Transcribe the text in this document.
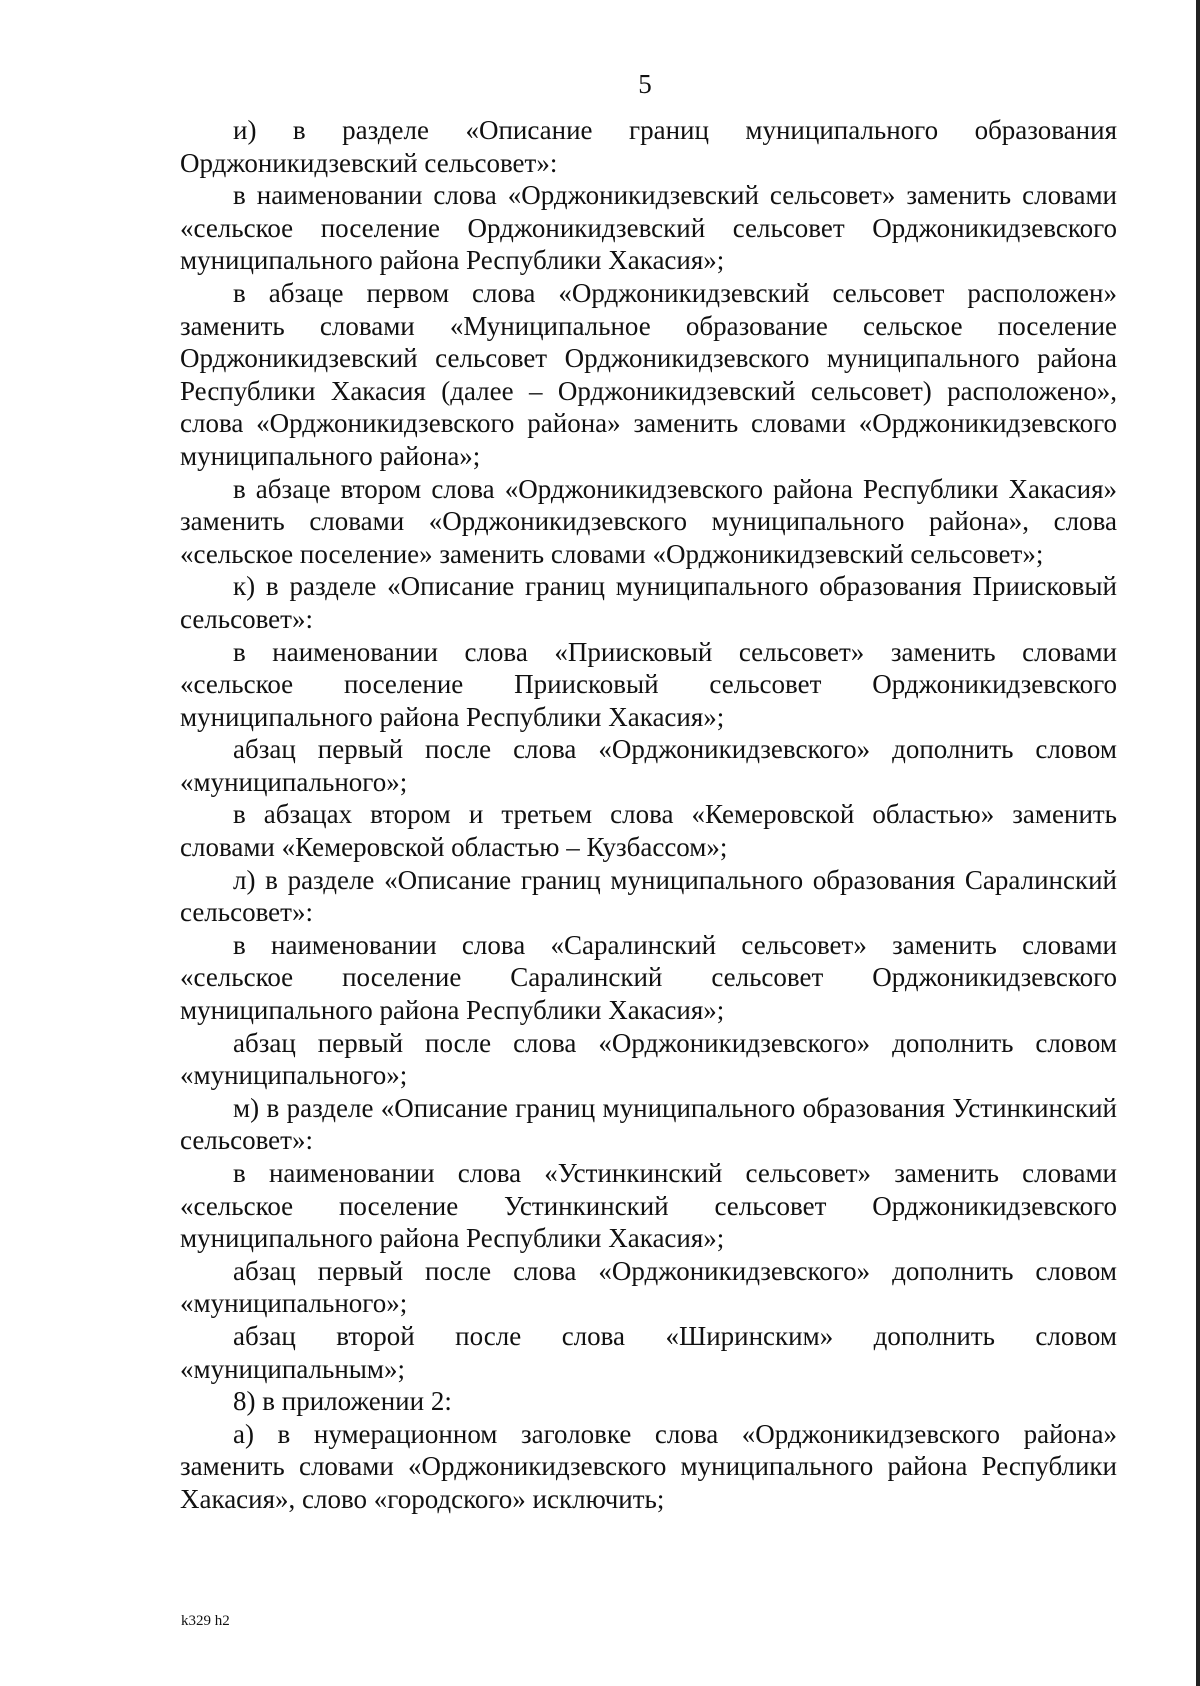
5

и) в разделе «Описание границ муниципального образования Орджоникидзевский сельсовет»:

в наименовании слова «Орджоникидзевский сельсовет» заменить словами «сельское поселение Орджоникидзевский сельсовет Орджоникидзевского муниципального района Республики Хакасия»;

в абзаце первом слова «Орджоникидзевский сельсовет расположен» заменить словами «Муниципальное образование сельское поселение Орджоникидзевский сельсовет Орджоникидзевского муниципального района Республики Хакасия (далее – Орджоникидзевский сельсовет) расположено», слова «Орджоникидзевского района» заменить словами «Орджоникидзевского муниципального района»;

в абзаце втором слова «Орджоникидзевского района Республики Хакасия» заменить словами «Орджоникидзевского муниципального района», слова «сельское поселение» заменить словами «Орджоникидзевский сельсовет»;

к) в разделе «Описание границ муниципального образования Приисковый сельсовет»:

в наименовании слова «Приисковый сельсовет» заменить словами «сельское поселение Приисковый сельсовет Орджоникидзевского муниципального района Республики Хакасия»;

абзац первый после слова «Орджоникидзевского» дополнить словом «муниципального»;

в абзацах втором и третьем слова «Кемеровской областью» заменить словами «Кемеровской областью – Кузбассом»;

л) в разделе «Описание границ муниципального образования Саралинский сельсовет»:

в наименовании слова «Саралинский сельсовет» заменить словами «сельское поселение Саралинский сельсовет Орджоникидзевского муниципального района Республики Хакасия»;

абзац первый после слова «Орджоникидзевского» дополнить словом «муниципального»;

м) в разделе «Описание границ муниципального образования Устинкинский сельсовет»:

в наименовании слова «Устинкинский сельсовет» заменить словами «сельское поселение Устинкинский сельсовет Орджоникидзевского муниципального района Республики Хакасия»;

абзац первый после слова «Орджоникидзевского» дополнить словом «муниципального»;

абзац второй после слова «Ширинским» дополнить словом «муниципальным»;

8) в приложении 2:

а) в нумерационном заголовке слова «Орджоникидзевского района» заменить словами «Орджоникидзевского муниципального района Республики Хакасия», слово «городского» исключить;

k329 h2
